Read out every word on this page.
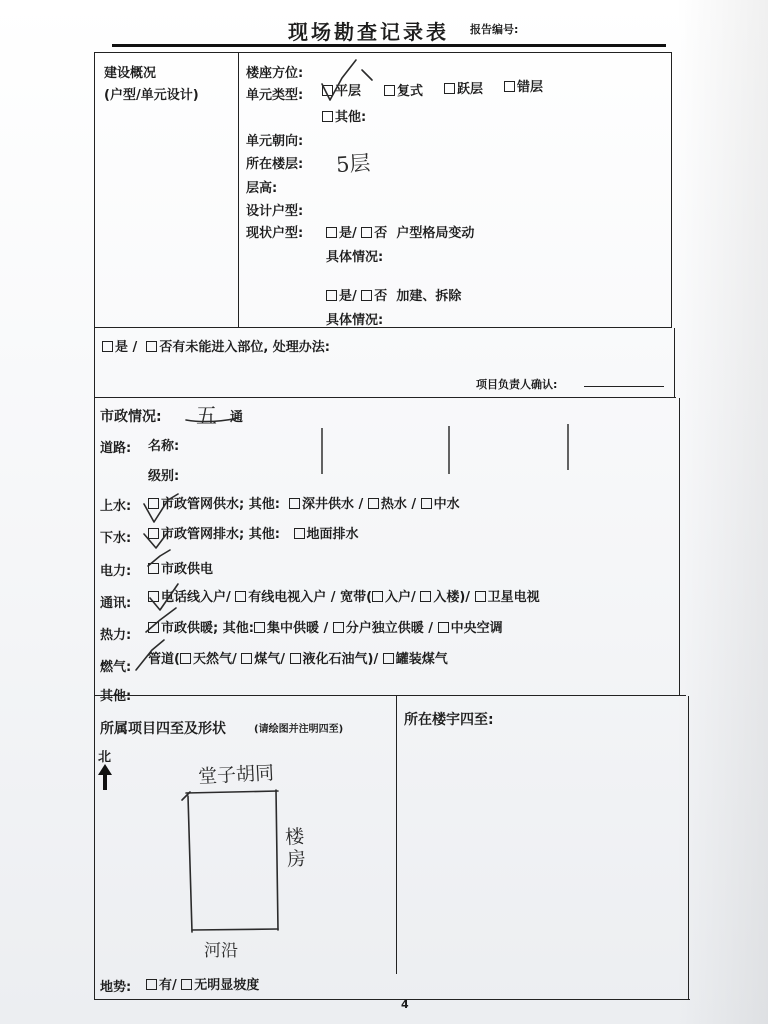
现场勘查记录表 报告编号:
建设概况
(户型/单元设计)
楼座方位:
单元类型:	平层	复式	跃层	错层
其他:
单元朝向:
所在楼层: 5层
层高:
设计户型:
现状户型:	是/ 否 户型格局变动
具体情况:
是/ 否 加建、拆除
具体情况:
是 / 否有未能进入部位, 处理办法:
项目负责人确认:
市政情况: 五 通
道路: 名称:
级别:
上水:	市政管网供水; 其他: 深井供水 / 热水 / 中水
下水:	市政管网排水; 其他: 地面排水
电力:	市政供电
通讯:	电话线入户/ 有线电视入户 / 宽带( 入户/ 入楼)/ 卫星电视
热力:	市政供暖; 其他: 集中供暖 / 分户独立供暖 / 中央空调
燃气:
管道( 天然气/ 煤气/ 液化石油气)/ 罐装煤气
其他:
所属项目四至及形状	(请绘图并注明四至)
所在楼宇四至:
北
堂子胡同
楼房
河沿
地势:	有/ 无明显坡度
4
